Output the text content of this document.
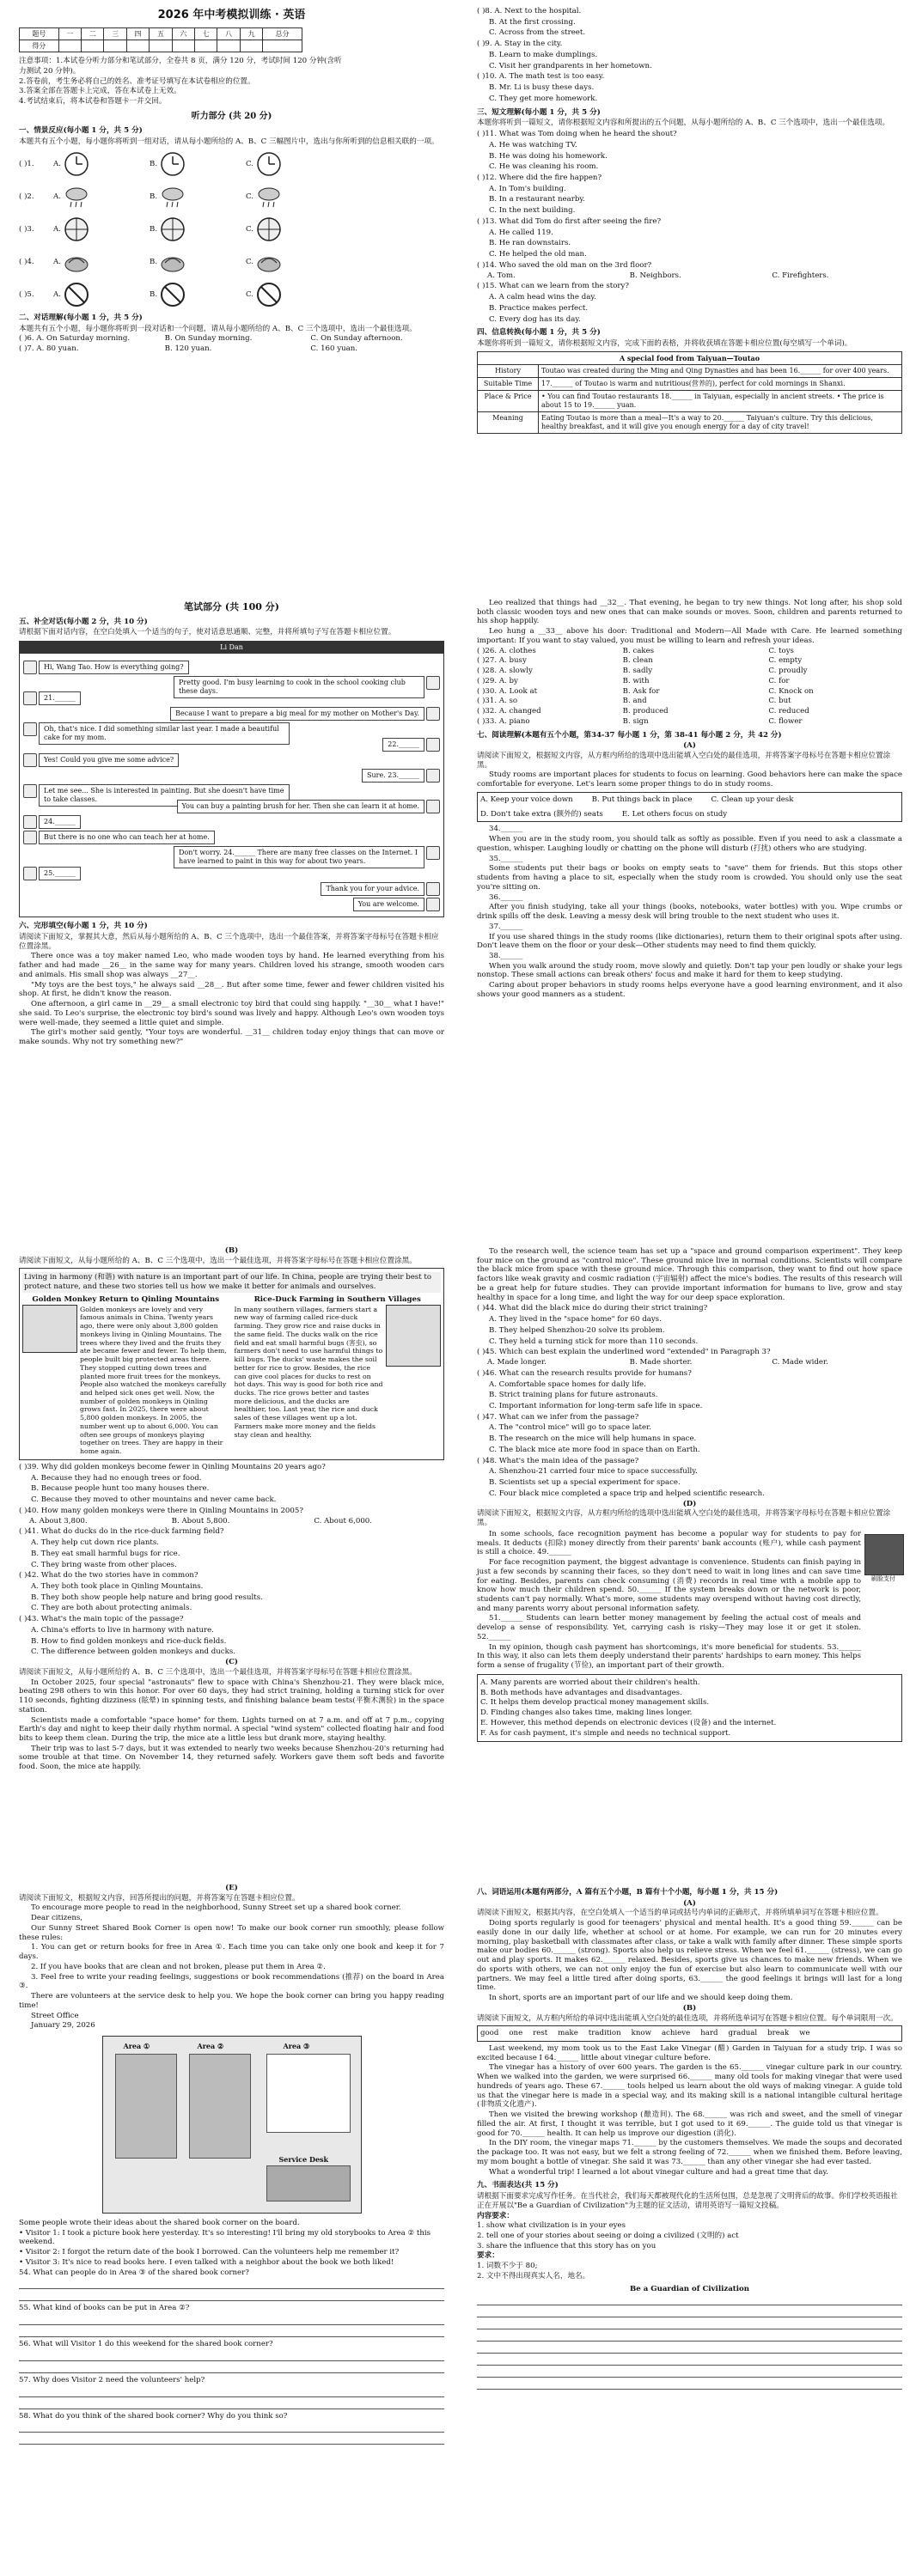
2026 年中考模拟训练 · 英语
题号	一	二	三	四	五	六	七	八	九	总分
得分										
注意事项：1.本试卷分听力部分和笔试部分，全卷共 8 页，满分 120 分，考试时间 120 分钟(含听
力测试 20 分钟)。
2.答卷前，考生务必将自己的姓名、准考证号填写在本试卷相应的位置。
3.答案全部在答题卡上完成，答在本试卷上无效。
4.考试结束后，将本试卷和答题卡一并交回。
听力部分 (共 20 分)
一、情景反应(每小题 1 分，共 5 分)
本题共有五个小题，每小题你将听到一组对话，请从每小题所给的 A、B、C 三幅图片中，选出与你所听到的信息相关联的一项。
( )1.	A.	B.	C.
( )2.	A.	B.	C.
( )3.	A.	B.	C.
( )4.	A.	B.	C.
( )5.	A.	B.	C.
二、对话理解(每小题 1 分，共 5 分)
本题共有五个小题，每小题你将听到一段对话和一个问题，请从每小题所给的 A、B、C 三个选项中，选出一个最佳选项。
( )6. A. On Saturday morning.	B. On Sunday morning.	C. On Sunday afternoon.
( )7. A. 80 yuan.	B. 120 yuan.	C. 160 yuan.
( )8. A. Next to the hospital.
B. At the first crossing.
C. Across from the street.
( )9. A. Stay in the city.
B. Learn to make dumplings.
C. Visit her grandparents in her hometown.
( )10. A. The math test is too easy.
B. Mr. Li is busy these days.
C. They get more homework.
三、短文理解(每小题 1 分，共 5 分)
本题你将听到一篇短文，请你根据短文内容和所提出的五个问题，从每小题所给的 A、B、C 三个选项中，选出一个最佳选项。
( )11. What was Tom doing when he heard the shout?
A. He was watching TV.
B. He was doing his homework.
C. He was cleaning his room.
( )12. Where did the fire happen?
A. In Tom's building.
B. In a restaurant nearby.
C. In the next building.
( )13. What did Tom do first after seeing the fire?
A. He called 119.
B. He ran downstairs.
C. He helped the old man.
( )14. Who saved the old man on the 3rd floor?
A. Tom.	B. Neighbors.	C. Firefighters.
( )15. What can we learn from the story?
A. A calm head wins the day.
B. Practice makes perfect.
C. Every dog has its day.
四、信息转换(每小题 1 分，共 5 分)
本题你将听到一篇短文，请你根据短文内容，完成下面的表格，并将收获填在答题卡相应位置(每空填写一个单词)。
A special food from Taiyuan—Toutao	
History	Toutao was created during the Ming and Qing Dynasties and has been 16.______ for over 400 years.
Suitable Time	17.______ of Toutao is warm and nutritious(营养的), perfect for cold mornings in Shanxi.
Place & Price	• You can find Toutao restaurants 18.______ in Taiyuan, especially in ancient streets. • The price is about 15 to 19.______ yuan.
Meaning	Eating Toutao is more than a meal—It's a way to 20.______ Taiyuan's culture. Try this delicious, healthy breakfast, and it will give you enough energy for a day of city travel!
笔试部分 (共 100 分)
五、补全对话(每小题 2 分，共 10 分)
请根据下面对话内容，在空白处填入一个适当的句子，使对话意思通顺、完整，并将所填句子写在答题卡相应位置。
Li Dan
Hi, Wang Tao. How is everything going?
Pretty good. I'm busy learning to cook in the school cooking club these days.
21.______
Because I want to prepare a big meal for my mother on Mother's Day.
Oh, that's nice. I did something similar last year. I made a beautiful cake for my mom.
22.______
Yes! Could you give me some advice?
Sure. 23.______
Let me see... She is interested in painting. But she doesn't have time to take classes.
You can buy a painting brush for her. Then she can learn it at home.
24.______
But there is no one who can teach her at home.
Don't worry. 24.______ There are many free classes on the Internet. I have learned to paint in this way for about two years.
25.______
Thank you for your advice.
You are welcome.
六、完形填空(每小题 1 分，共 10 分)
请阅读下面短文，掌握其大意，然后从每小题所给的 A、B、C 三个选项中，选出一个最佳答案，并将答案字母标号在答题卡相应位置涂黑。
There once was a toy maker named Leo, who made wooden toys by hand. He learned everything from his father and had made __26__ in the same way for many years. Children loved his strange, smooth wooden cars and animals. His small shop was always __27__.
"My toys are the best toys," he always said __28__. But after some time, fewer and fewer children visited his shop. At first, he didn't know the reason.
One afternoon, a girl came in __29__ a small electronic toy bird that could sing happily. "__30__ what I have!" she said. To Leo's surprise, the electronic toy bird's sound was lively and happy. Although Leo's own wooden toys were well-made, they seemed a little quiet and simple.
The girl's mother said gently, "Your toys are wonderful. __31__ children today enjoy things that can move or make sounds. Why not try something new?"
Leo realized that things had __32__. That evening, he began to try new things. Not long after, his shop sold both classic wooden toys and new ones that can make sounds or moves. Soon, children and parents returned to his shop happily.
Leo hung a __33__ above his door: Traditional and Modern—All Made with Care. He learned something important: If you want to stay valued, you must be willing to learn and refresh your ideas.
( )26. A. clothes	B. cakes	C. toys
( )27. A. busy	B. clean	C. empty
( )28. A. slowly	B. sadly	C. proudly
( )29. A. by	B. with	C. for
( )30. A. Look at	B. Ask for	C. Knock on
( )31. A. so	B. and	C. but
( )32. A. changed	B. produced	C. reduced
( )33. A. piano	B. sign	C. flower
七、阅读理解(本题有五个小题，第34-37 每小题 1 分，第 38-41 每小题 2 分，共 42 分)
(A)
请阅读下面短文，根据短文内容，从方框内所给的选项中选出能填入空白处的最佳选项，并将答案字母标号在答题卡相应位置涂黑。
Study rooms are important places for students to focus on learning. Good behaviors here can make the space comfortable for everyone. Let's learn some proper things to do in study rooms.
A. Keep your voice down	B. Put things back in place	C. Clean up your desk
D. Don't take extra (额外的) seats	E. Let others focus on study
34.______
When you are in the study room, you should talk as softly as possible. Even if you need to ask a classmate a question, whisper. Laughing loudly or chatting on the phone will disturb (打扰) others who are studying.
35.______
Some students put their bags or books on empty seats to "save" them for friends. But this stops other students from having a place to sit, especially when the study room is crowded. You should only use the seat you're sitting on.
36.______
After you finish studying, take all your things (books, notebooks, water bottles) with you. Wipe crumbs or drink spills off the desk. Leaving a messy desk will bring trouble to the next student who uses it.
37.______
If you use shared things in the study rooms (like dictionaries), return them to their original spots after using. Don't leave them on the floor or your desk—Other students may need to find them quickly.
38.______
When you walk around the study room, move slowly and quietly. Don't tap your pen loudly or shake your legs nonstop. These small actions can break others' focus and make it hard for them to keep studying.
Caring about proper behaviors in study rooms helps everyone have a good learning environment, and it also shows your good manners as a student.
(B)
请阅读下面短文，从每小题所给的 A、B、C 三个选项中，选出一个最佳选项，并将答案字母标号在答题卡相应位置涂黑。
Living in harmony (和谐) with nature is an important part of our life. In China, people are trying their best to protect nature, and these two stories tell us how we make it better for animals and ourselves.
Golden Monkey Return to Qinling Mountains
Golden monkeys are lovely and very famous animals in China. Twenty years ago, there were only about 3,800 golden monkeys living in Qinling Mountains. The trees where they lived and the fruits they ate became fewer and fewer. To help them, people built big protected areas there. They stopped cutting down trees and planted more fruit trees for the monkeys. People also watched the monkeys carefully and helped sick ones get well. Now, the number of golden monkeys in Qinling grows fast. In 2025, there were about 5,800 golden monkeys. In 2005, the number went up to about 6,000. You can often see groups of monkeys playing together on trees. They are happy in their home again.
Rice-Duck Farming in Southern Villages
In many southern villages, farmers start a new way of farming called rice-duck farming. They grow rice and raise ducks in the same field. The ducks walk on the rice field and eat small harmful bugs (害虫), so farmers don't need to use harmful things to kill bugs. The ducks' waste makes the soil better for rice to grow. Besides, the rice can give cool places for ducks to rest on hot days. This way is good for both rice and ducks. The rice grows better and tastes more delicious, and the ducks are healthier, too. Last year, the rice and duck sales of these villages went up a lot. Farmers make more money and the fields stay clean and healthy.
( )39. Why did golden monkeys become fewer in Qinling Mountains 20 years ago?
A. Because they had no enough trees or food.
B. Because people hunt too many houses there.
C. Because they moved to other mountains and never came back.
( )40. How many golden monkeys were there in Qinling Mountains in 2005?
A. About 3,800.	B. About 5,800.	C. About 6,000.
( )41. What do ducks do in the rice-duck farming field?
A. They help cut down rice plants.
B. They eat small harmful bugs for rice.
C. They bring waste from other places.
( )42. What do the two stories have in common?
A. They both took place in Qinling Mountains.
B. They both show people help nature and bring good results.
C. They are both about protecting animals.
( )43. What's the main topic of the passage?
A. China's efforts to live in harmony with nature.
B. How to find golden monkeys and rice-duck fields.
C. The difference between golden monkeys and ducks.
(C)
请阅读下面短文，从每小题所给的 A、B、C 三个选项中，选出一个最佳选项，并将答案字母标号在答题卡相应位置涂黑。
In October 2025, four special "astronauts" flew to space with China's Shenzhou-21. They were black mice, beating 298 others to win this honor. For over 60 days, they had strict training, holding a turning stick for over 110 seconds, fighting dizziness (眩晕) in spinning tests, and finishing balance beam tests(平衡木测验) in the space station.
Scientists made a comfortable "space home" for them. Lights turned on at 7 a.m. and off at 7 p.m., copying Earth's day and night to keep their daily rhythm normal. A special "wind system" collected floating hair and food bits to keep them clean. During the trip, the mice ate a little less but drank more, staying healthy.
Their trip was to last 5-7 days, but it was extended to nearly two weeks because Shenzhou-20's returning had some trouble at that time. On November 14, they returned safely. Workers gave them soft beds and favorite food. Soon, the mice ate happily.
To the research well, the science team has set up a "space and ground comparison experiment". They keep four mice on the ground as "control mice". These ground mice live in normal conditions. Scientists will compare the black mice from space with these ground mice. Through this comparison, they want to find out how space factors like weak gravity and cosmic radiation (宇宙辐射) affect the mice's bodies. The results of this research will be a great help for future studies. They can provide important information for humans to live, grow and stay healthy in space for a long time, and light the way for our deep space exploration.
( )44. What did the black mice do during their strict training?
A. They lived in the "space home" for 60 days.
B. They helped Shenzhou-20 solve its problem.
C. They held a turning stick for more than 110 seconds.
( )45. Which can best explain the underlined word "extended" in Paragraph 3?
A. Made longer.	B. Made shorter.	C. Made wider.
( )46. What can the research results provide for humans?
A. Comfortable space homes for daily life.
B. Strict training plans for future astronauts.
C. Important information for long-term safe life in space.
( )47. What can we infer from the passage?
A. The "control mice" will go to space later.
B. The research on the mice will help humans in space.
C. The black mice ate more food in space than on Earth.
( )48. What's the main idea of the passage?
A. Shenzhou-21 carried four mice to space successfully.
B. Scientists set up a special experiment for space.
C. Four black mice completed a space trip and helped scientific research.
(D)
请阅读下面短文，根据短文内容，从方框内所给的选项中选出能填入空白处的最佳选项，并将答案字母标号在答题卡相应位置涂黑。
In some schools, face recognition payment has become a popular way for students to pay for meals. It deducts (扣除) money directly from their parents' bank accounts (账户), while cash payment is still a choice. 49.______
For face recognition payment, the biggest advantage is convenience. Students can finish paying in just a few seconds by scanning their faces, so they don't need to wait in long lines and can save time for eating. Besides, parents can check consuming (消费) records in real time with a mobile app to know how much their children spend. 50.______ If the system breaks down or the network is poor, students can't pay normally. What's more, some students may overspend without having cost directly, and many parents worry about personal information safety.
51.______ Students can learn better money management by feeling the actual cost of meals and develop a sense of responsibility. Yet, carrying cash is risky—They may lose it or get it stolen. 52.______
In my opinion, though cash payment has shortcomings, it's more beneficial for students. 53.______ In this way, it also can lets them deeply understand their parents' hardships to earn money. This helps form a sense of frugality (节俭), an important part of their growth.
刷脸支付
A. Many parents are worried about their children's health.
B. Both methods have advantages and disadvantages.
C. It helps them develop practical money management skills.
D. Finding changes also takes time, making lines longer.
E. However, this method depends on electronic devices (设备) and the internet.
F. As for cash payment, it's simple and needs no technical support.
(E)
请阅读下面短文，根据短文内容，回答所提出的问题，并将答案写在答题卡相应位置。
To encourage more people to read in the neighborhood, Sunny Street set up a shared book corner.
Dear citizens,
Our Sunny Street Shared Book Corner is open now! To make our book corner run smoothly, please follow these rules:
1. You can get or return books for free in Area ①. Each time you can take only one book and keep it for 7 days.
2. If you have books that are clean and not broken, please put them in Area ②.
3. Feel free to write your reading feelings, suggestions or book recommendations (推荐) on the board in Area ③.
There are volunteers at the service desk to help you. We hope the book corner can bring you happy reading time!
Street Office
January 29, 2026
Area ①	Area ②	Area ③
Service Desk
Some people wrote their ideas about the shared book corner on the board.
• Visitor 1: I took a picture book here yesterday. It's so interesting! I'll bring my old storybooks to Area ② this weekend.
• Visitor 2: I forgot the return date of the book I borrowed. Can the volunteers help me remember it?
• Visitor 3: It's nice to read books here. I even talked with a neighbor about the book we both liked!
54. What can people do in Area ③ of the shared book corner?
55. What kind of books can be put in Area ②?
56. What will Visitor 1 do this weekend for the shared book corner?
57. Why does Visitor 2 need the volunteers' help?
58. What do you think of the shared book corner? Why do you think so?
八、词语运用(本题有两部分，A 篇有五个小题，B 篇有十个小题，每小题 1 分，共 15 分)
(A)
请阅读下面短文，根据其内容，在空白处填入一个适当的单词或括号内单词的正确形式，并将所填单词写在答题卡相应位置。
Doing sports regularly is good for teenagers' physical and mental health. It's a good thing 59.______ can be easily done in our daily life, whether at school or at home. For example, we can run for 20 minutes every morning, play basketball with classmates after class, or take a walk with family after dinner. These simple sports make our bodies 60.______ (strong). Sports also help us relieve stress. When we feel 61.______ (stress), we can go out and play sports. It makes 62.______ relaxed. Besides, sports give us chances to make new friends. When we do sports with others, we can not only enjoy the fun of exercise but also learn to communicate well with our partners. We may feel a little tired after doing sports, 63.______ the good feelings it brings will last for a long time.
In short, sports are an important part of our life and we should keep doing them.
(B)
请阅读下面短文，从方框内所给的单词中选出能填入空白处的最佳选项，并将所选单词写在答题卡相应位置。每个单词限用一次。
good one rest make tradition know achieve hard gradual break we
Last weekend, my mom took us to the East Lake Vinegar (醋) Garden in Taiyuan for a study trip. I was so excited because I 64.______ little about vinegar culture before.
The vinegar has a history of over 600 years. The garden is the 65.______ vinegar culture park in our country. When we walked into the garden, we were surprised 66.______ many old tools for making vinegar that were used hundreds of years ago. These 67.______ tools helped us learn about the old ways of making vinegar. A guide told us that the vinegar here is made in a special way, and its making skill is a national intangible cultural heritage (非物质文化遗产).
Then we visited the brewing workshop (酿造间). The 68.______ was rich and sweet, and the smell of vinegar filled the air. At first, I thought it was terrible, but I got used to it 69.______. The guide told us that vinegar is good for 70.______ health. It can help us improve our digestion (消化).
In the DIY room, the vinegar maps 71.______ by the customers themselves. We made the soups and decorated the package too. It was not easy, but we felt a strong feeling of 72.______ when we finished them. Before leaving, my mom bought a bottle of vinegar. She said it was 73.______ than any other vinegar she had ever tasted.
What a wonderful trip! I learned a lot about vinegar culture and had a great time that day.
九、书面表达(共 15 分)
请根据下面要求完成写作任务。在当代社会，我们每天都被现代化的生活所包围，总是忽视了文明背后的故事。你们学校英语报社正在开展以"Be a Guardian of Civilization"为主题的征文活动，请用英语写一篇短文投稿。
内容要求：
1. show what civilization is in your eyes
2. tell one of your stories about seeing or doing a civilized (文明的) act
3. share the influence that this story has on you
要求：
1. 词数不少于 80;
2. 文中不得出现真实人名，地名。
Be a Guardian of Civilization
